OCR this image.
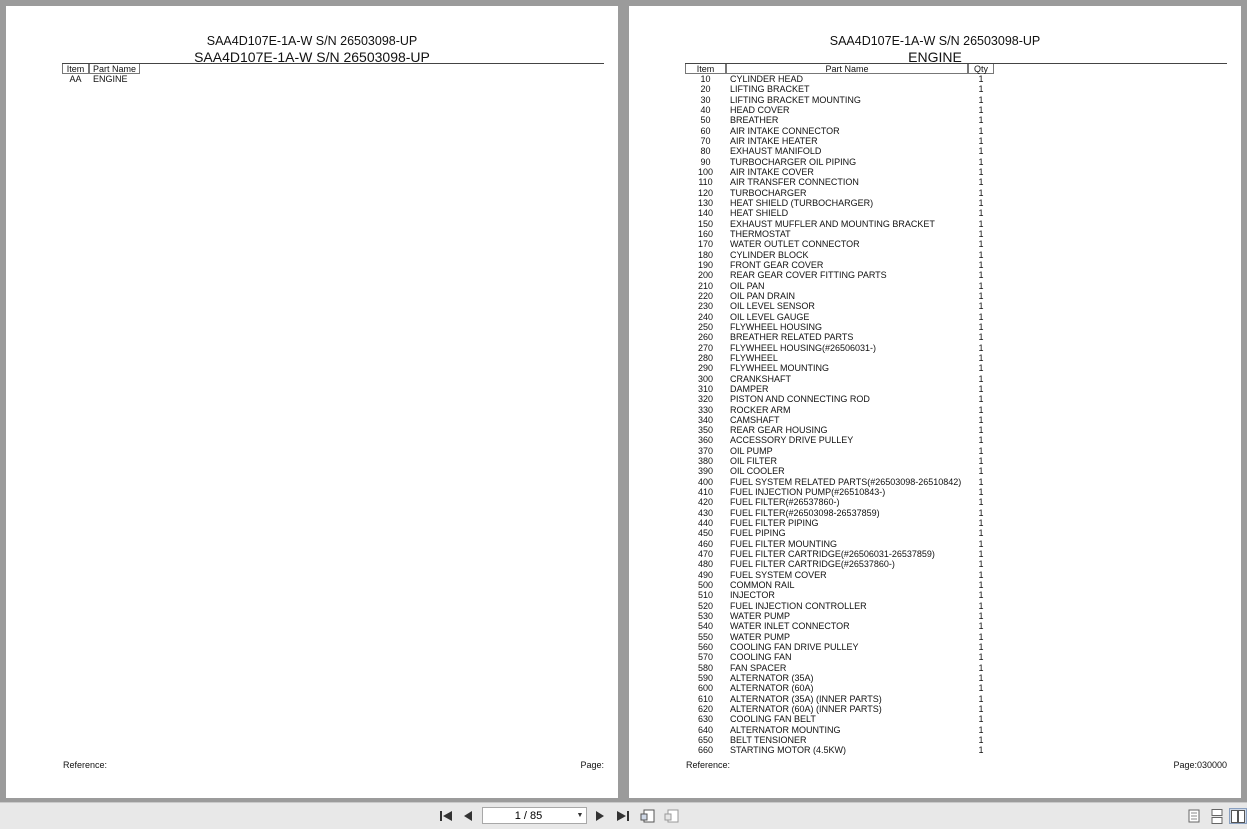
SAA4D107E-1A-W S/N 26503098-UP
SAA4D107E-1A-W S/N 26503098-UP
Item Part Name
AA	ENGINE
Reference:	Page:
SAA4D107E-1A-W S/N 26503098-UP
ENGINE
Item	Part Name	Qty
10	CYLINDER HEAD	1
20	LIFTING BRACKET	1
30	LIFTING BRACKET MOUNTING	1
40	HEAD COVER	1
50	BREATHER	1
60	AIR INTAKE CONNECTOR	1
70	AIR INTAKE HEATER	1
80	EXHAUST MANIFOLD	1
90	TURBOCHARGER OIL PIPING	1
100	AIR INTAKE COVER	1
110	AIR TRANSFER CONNECTION	1
120	TURBOCHARGER	1
130	HEAT SHIELD (TURBOCHARGER)	1
140	HEAT SHIELD	1
150	EXHAUST MUFFLER AND MOUNTING BRACKET	1
160	THERMOSTAT	1
170	WATER OUTLET CONNECTOR	1
180	CYLINDER BLOCK	1
190	FRONT GEAR COVER	1
200	REAR GEAR COVER FITTING PARTS	1
210	OIL PAN	1
220	OIL PAN DRAIN	1
230	OIL LEVEL SENSOR	1
240	OIL LEVEL GAUGE	1
250	FLYWHEEL HOUSING	1
260	BREATHER RELATED PARTS	1
270	FLYWHEEL HOUSING(#26506031-)	1
280	FLYWHEEL	1
290	FLYWHEEL MOUNTING	1
300	CRANKSHAFT	1
310	DAMPER	1
320	PISTON AND CONNECTING ROD	1
330	ROCKER ARM	1
340	CAMSHAFT	1
350	REAR GEAR HOUSING	1
360	ACCESSORY DRIVE PULLEY	1
370	OIL PUMP	1
380	OIL FILTER	1
390	OIL COOLER	1
400	FUEL SYSTEM RELATED PARTS(#26503098-26510842)	1
410	FUEL INJECTION PUMP(#26510843-)	1
420	FUEL FILTER(#26537860-)	1
430	FUEL FILTER(#26503098-26537859)	1
440	FUEL FILTER PIPING	1
450	FUEL PIPING	1
460	FUEL FILTER MOUNTING	1
470	FUEL FILTER CARTRIDGE(#26506031-26537859)	1
480	FUEL FILTER CARTRIDGE(#26537860-)	1
490	FUEL SYSTEM COVER	1
500	COMMON RAIL	1
510	INJECTOR	1
520	FUEL INJECTION CONTROLLER	1
530	WATER PUMP	1
540	WATER INLET CONNECTOR	1
550	WATER PUMP	1
560	COOLING FAN DRIVE PULLEY	1
570	COOLING FAN	1
580	FAN SPACER	1
590	ALTERNATOR (35A)	1
600	ALTERNATOR (60A)	1
610	ALTERNATOR (35A) (INNER PARTS)	1
620	ALTERNATOR (60A) (INNER PARTS)	1
630	COOLING FAN BELT	1
640	ALTERNATOR MOUNTING	1
650	BELT TENSIONER	1
660	STARTING MOTOR (4.5KW)	1
Reference:	Page:030000
1 / 85	▼
